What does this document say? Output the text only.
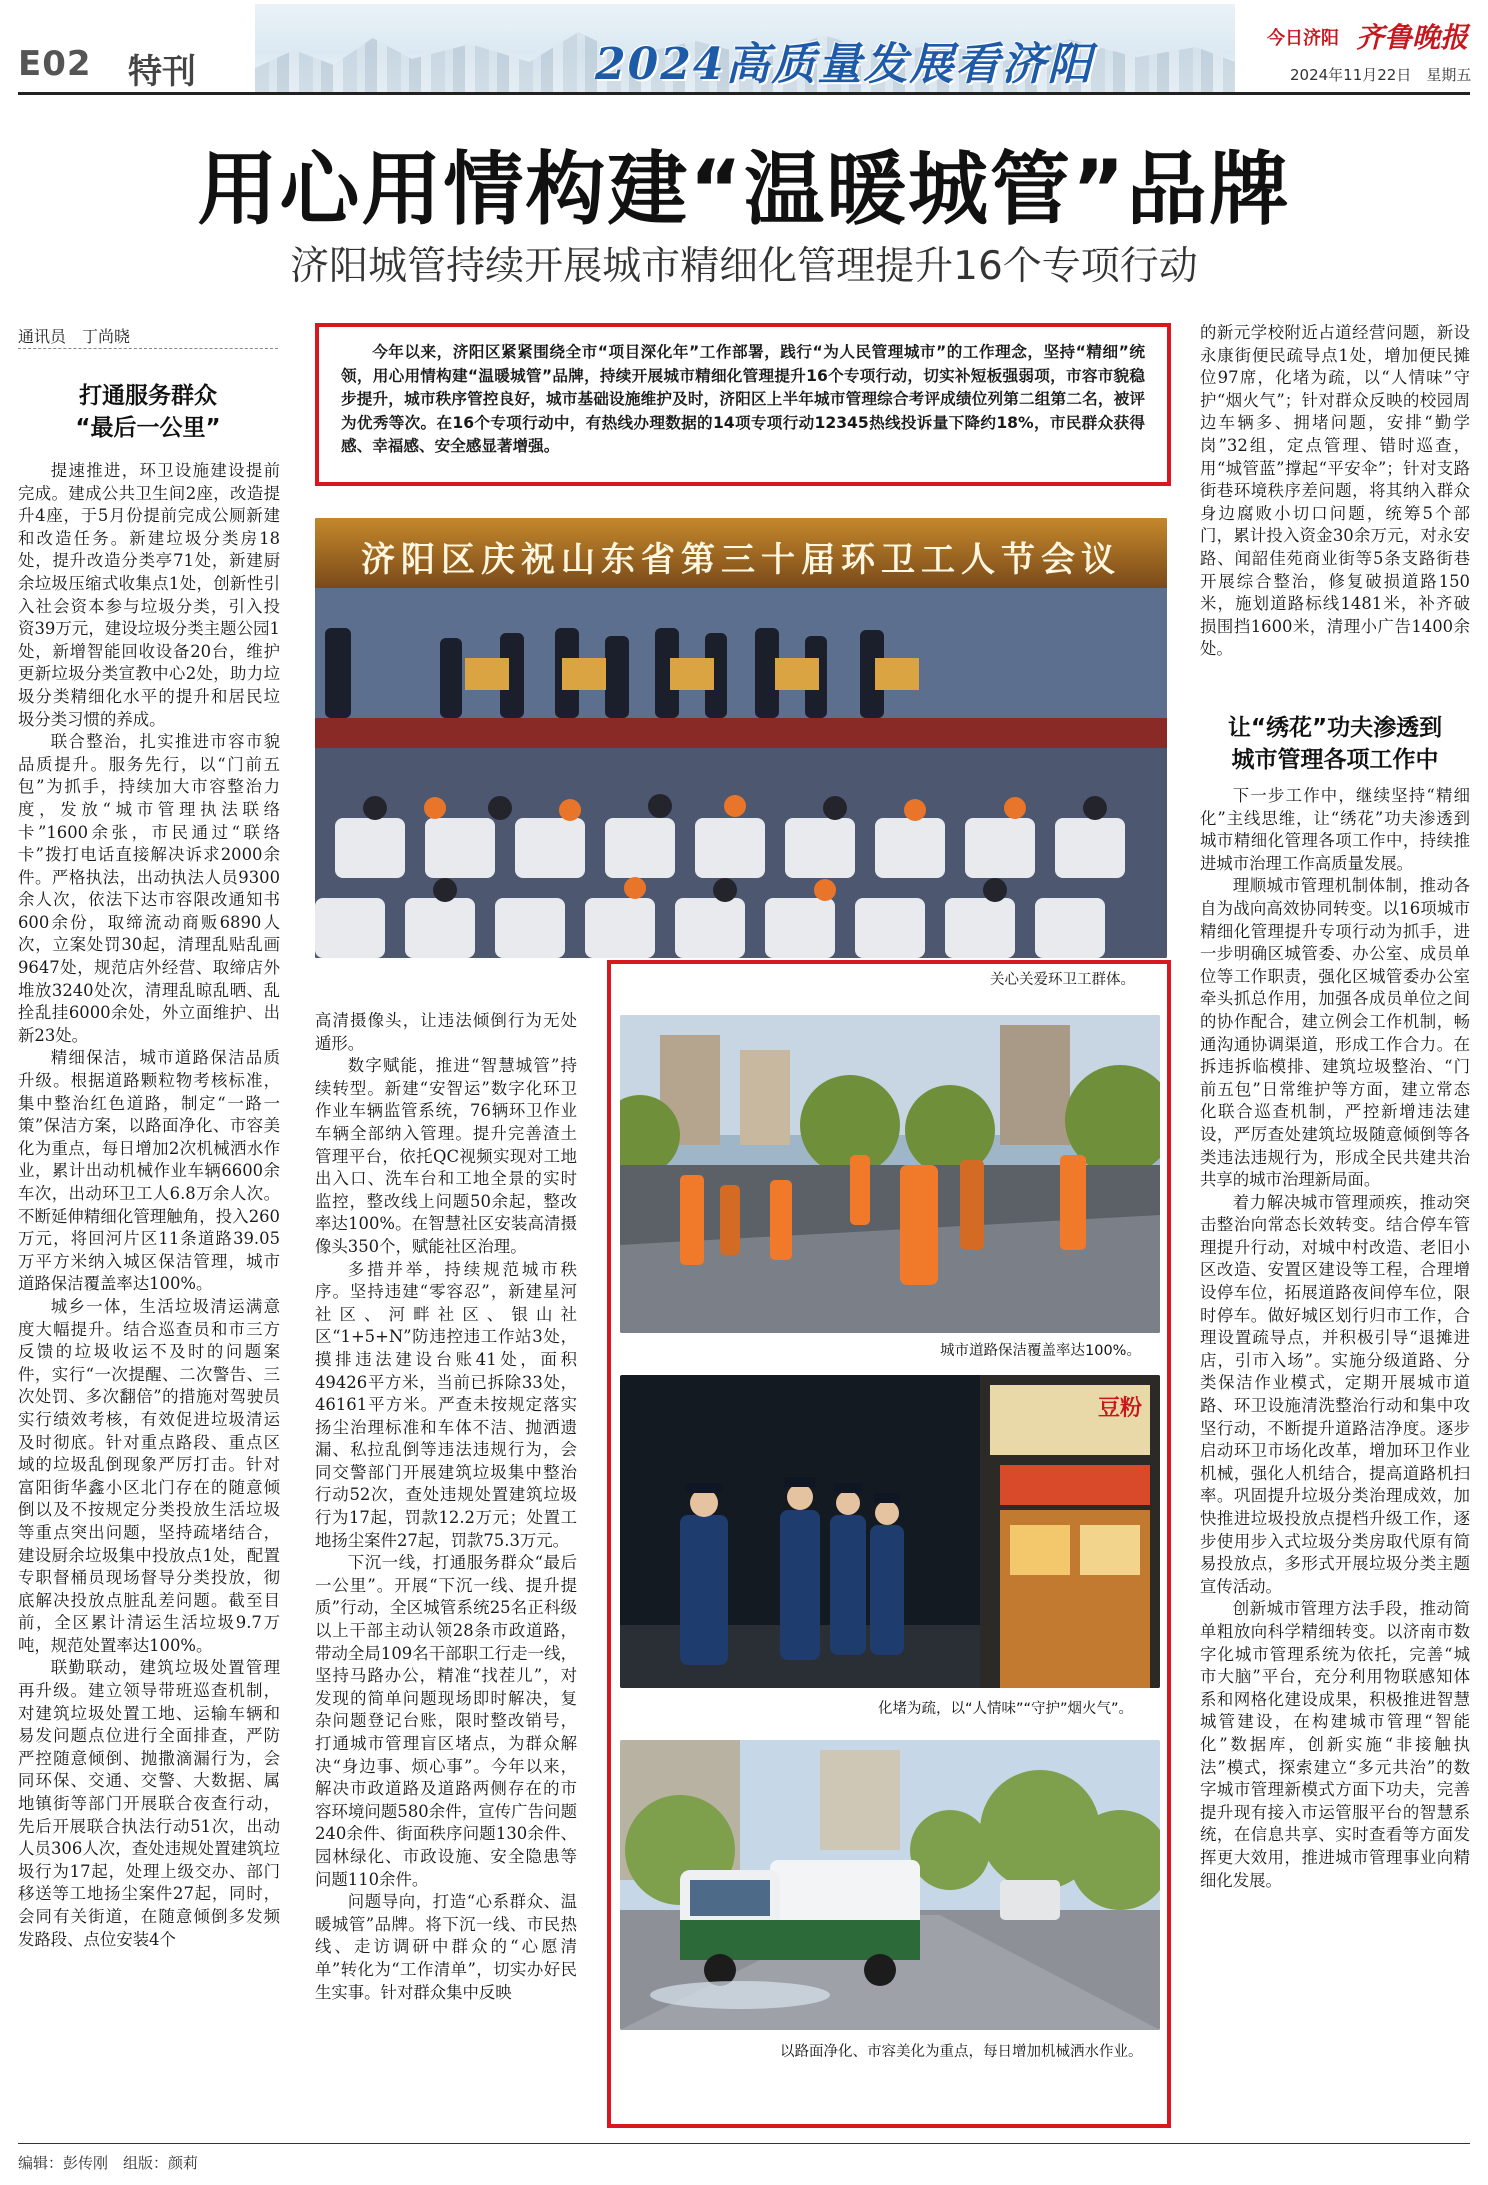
E02 特刊	2024高质量发展看济阳
今日济阳 齐鲁晚报
2024年11月22日　星期五
用心用情构建“温暖城管”品牌
济阳城管持续开展城市精细化管理提升16个专项行动
通讯员　丁尚晓
今年以来，济阳区紧紧围绕全市“项目深化年”工作部署，践行“为人民管理城市”的工作理念，坚持“精细”统领，用心用情构建“温暖城管”品牌，持续开展城市精细化管理提升16个专项行动，切实补短板强弱项，市容市貌稳步提升，城市秩序管控良好，城市基础设施维护及时，济阳区上半年城市管理综合考评成绩位列第二组第二名，被评为优秀等次。在16个专项行动中，有热线办理数据的14项专项行动12345热线投诉量下降约18%，市民群众获得感、幸福感、安全感显著增强。
打通服务群众
“最后一公里”

提速推进，环卫设施建设提前完成。建成公共卫生间2座，改造提升4座，于5月份提前完成公厕新建和改造任务。新建垃圾分类房18处，提升改造分类亭71处，新建厨余垃圾压缩式收集点1处，创新性引入社会资本参与垃圾分类，引入投资39万元，建设垃圾分类主题公园1处，新增智能回收设备20台，维护更新垃圾分类宣教中心2处，助力垃圾分类精细化水平的提升和居民垃圾分类习惯的养成。

联合整治，扎实推进市容市貌品质提升。服务先行，以“门前五包”为抓手，持续加大市容整治力度，发放“城市管理执法联络卡”1600余张，市民通过“联络卡”拨打电话直接解决诉求2000余件。严格执法，出动执法人员9300余人次，依法下达市容限改通知书600余份，取缔流动商贩6890人次，立案处罚30起，清理乱贴乱画9647处，规范店外经营、取缔店外堆放3240处次，清理乱晾乱晒、乱拴乱挂6000余处，外立面维护、出新23处。

精细保洁，城市道路保洁品质升级。根据道路颗粒物考核标准，集中整治红色道路，制定“一路一策”保洁方案，以路面净化、市容美化为重点，每日增加2次机械洒水作业，累计出动机械作业车辆6600余车次，出动环卫工人6.8万余人次。不断延伸精细化管理触角，投入260万元，将回河片区11条道路39.05万平方米纳入城区保洁管理，城市道路保洁覆盖率达100%。

城乡一体，生活垃圾清运满意度大幅提升。结合巡查员和市三方反馈的垃圾收运不及时的问题案件，实行“一次提醒、二次警告、三次处罚、多次翻倍”的措施对驾驶员实行绩效考核，有效促进垃圾清运及时彻底。针对重点路段、重点区域的垃圾乱倒现象严厉打击。针对富阳街华鑫小区北门存在的随意倾倒以及不按规定分类投放生活垃圾等重点突出问题，坚持疏堵结合，建设厨余垃圾集中投放点1处，配置专职督桶员现场督导分类投放，彻底解决投放点脏乱差问题。截至目前，全区累计清运生活垃圾9.7万吨，规范处置率达100%。

联勤联动，建筑垃圾处置管理再升级。建立领导带班巡查机制，对建筑垃圾处置工地、运输车辆和易发问题点位进行全面排查，严防严控随意倾倒、抛撒滴漏行为，会同环保、交通、交警、大数据、属地镇街等部门开展联合夜查行动，先后开展联合执法行动51次，出动人员306人次，查处违规处置建筑垃圾行为17起，处理上级交办、部门移送等工地扬尘案件27起，同时，会同有关街道，在随意倾倒多发频发路段、点位安装4个

济阳区庆祝山东省第三十届环卫工人节会议
关心关爱环卫工群体。
城市道路保洁覆盖率达100%。
豆粉
化堵为疏，以“人情味”“守护”烟火气”。
以路面净化、市容美化为重点，每日增加机械洒水作业。

高清摄像头，让违法倾倒行为无处遁形。

数字赋能，推进“智慧城管”持续转型。新建“安智运”数字化环卫作业车辆监管系统，76辆环卫作业车辆全部纳入管理。提升完善渣土管理平台，依托QC视频实现对工地出入口、洗车台和工地全景的实时监控，整改线上问题50余起，整改率达100%。在智慧社区安装高清摄像头350个，赋能社区治理。

多措并举，持续规范城市秩序。坚持违建“零容忍”，新建星河社区、河畔社区、银山社区“1+5+N”防违控违工作站3处，摸排违法建设台账41处，面积49426平方米，当前已拆除33处，46161平方米。严查未按规定落实扬尘治理标准和车体不洁、抛洒遗漏、私拉乱倒等违法违规行为，会同交警部门开展建筑垃圾集中整治行动52次，查处违规处置建筑垃圾行为17起，罚款12.2万元；处置工地扬尘案件27起，罚款75.3万元。

下沉一线，打通服务群众“最后一公里”。开展“下沉一线、提升提质”行动，全区城管系统25名正科级以上干部主动认领28条市政道路，带动全局109名干部职工行走一线，坚持马路办公，精准“找茬儿”，对发现的简单问题现场即时解决，复杂问题登记台账，限时整改销号，打通城市管理盲区堵点，为群众解决“身边事、烦心事”。今年以来，解决市政道路及道路两侧存在的市容环境问题580余件，宣传广告问题240余件、街面秩序问题130余件、园林绿化、市政设施、安全隐患等问题110余件。

问题导向，打造“心系群众、温暖城管”品牌。将下沉一线、市民热线、走访调研中群众的“心愿清单”转化为“工作清单”，切实办好民生实事。针对群众集中反映

的新元学校附近占道经营问题，新设永康街便民疏导点1处，增加便民摊位97席，化堵为疏，以“人情味”守护“烟火气”；针对群众反映的校园周边车辆多、拥堵问题，安排“勤学岗”32组，定点管理、错时巡查，用“城管蓝”撑起“平安伞”；针对支路街巷环境秩序差问题，将其纳入群众身边腐败小切口问题，统筹5个部门，累计投入资金30余万元，对永安路、闻韶佳苑商业街等5条支路街巷开展综合整治，修复破损道路150米，施划道路标线1481米，补齐破损围挡1600米，清理小广告1400余处。

让“绣花”功夫渗透到
城市管理各项工作中

下一步工作中，继续坚持“精细化”主线思维，让“绣花”功夫渗透到城市精细化管理各项工作中，持续推进城市治理工作高质量发展。

理顺城市管理机制体制，推动各自为战向高效协同转变。以16项城市精细化管理提升专项行动为抓手，进一步明确区城管委、办公室、成员单位等工作职责，强化区城管委办公室牵头抓总作用，加强各成员单位之间的协作配合，建立例会工作机制，畅通沟通协调渠道，形成工作合力。在拆违拆临模排、建筑垃圾整治、“门前五包”日常维护等方面，建立常态化联合巡查机制，严控新增违法建设，严厉查处建筑垃圾随意倾倒等各类违法违规行为，形成全民共建共治共享的城市治理新局面。

着力解决城市管理顽疾，推动突击整治向常态长效转变。结合停车管理提升行动，对城中村改造、老旧小区改造、安置区建设等工程，合理增设停车位，拓展道路夜间停车位，限时停车。做好城区划行归市工作，合理设置疏导点，并积极引导“退摊进店，引市入场”。实施分级道路、分类保洁作业模式，定期开展城市道路、环卫设施清洗整治行动和集中攻坚行动，不断提升道路洁净度。逐步启动环卫市场化改革，增加环卫作业机械，强化人机结合，提高道路机扫率。巩固提升垃圾分类治理成效，加快推进垃圾投放点提档升级工作，逐步使用步入式垃圾分类房取代原有简易投放点，多形式开展垃圾分类主题宣传活动。

创新城市管理方法手段，推动简单粗放向科学精细转变。以济南市数字化城市管理系统为依托，完善“城市大脑”平台，充分利用物联感知体系和网格化建设成果，积极推进智慧城管建设，在构建城市管理“智能化”数据库，创新实施“非接触执法”模式，探索建立“多元共治”的数字城市管理新模式方面下功夫，完善提升现有接入市运管服平台的智慧系统，在信息共享、实时查看等方面发挥更大效用，推进城市管理事业向精细化发展。

编辑：彭传刚　组版：颜莉
